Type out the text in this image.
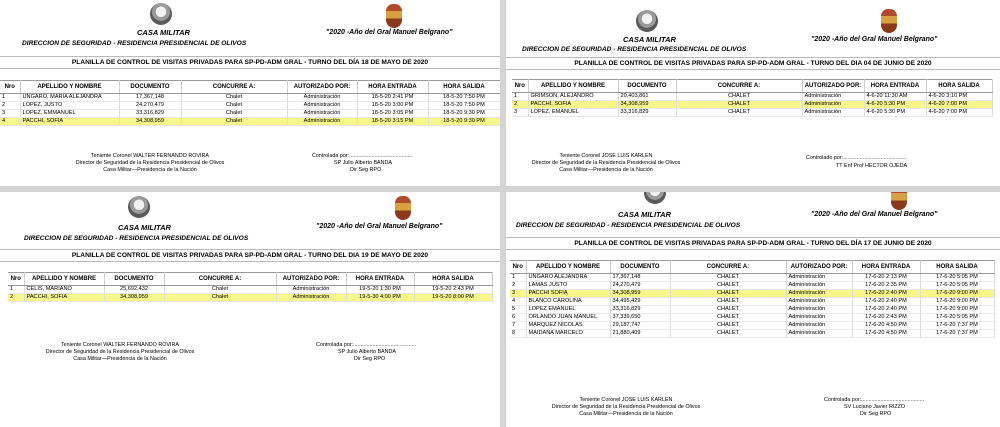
CASA MILITAR
DIRECCION DE SEGURIDAD - RESIDENCIA PRESIDENCIAL DE OLIVOS
"2020 -Año del Gral Manuel Belgrano"
PLANILLA DE CONTROL DE VISITAS PRIVADAS PARA SP-PD-ADM GRAL - TURNO DEL DÍA 18 DE MAYO DE 2020
Nro	APELLIDO Y NOMBRE	DOCUMENTO	CONCURRE A:	AUTORIZADO POR:	HORA ENTRADA	HORA SALIDA
1	UNGARO, MARIA ALEJANDRA	17,367,148	Chalet	Administración	18-5-20 2:41 PM	18-5-20 7:50 PM
2	LOPEZ, JUSTO	24,270,479	Chalet	Administración	18-5-20 3:00 PM	18-5-20 7:50 PM
3	LOPEZ, EMMANUEL	33,316,829	Chalet	Administración	18-5-20 3:05 PM	18-5-20 9:30 PM
4	PACCHI, SOFIA	34,308,959	Chalet	Administración	18-5-20 3:15 PM	18-5-20 9:30 PM
Teniente Coronel WALTER FERNANDO ROVIRA
Director de Seguridad de la Residencia Presidencial de Olivos
Casa Militar—Presidencia de la Nación
Controlada por:..........................................
SP Julio Alberto BANDA
Dir Seg RPO
CASA MILITAR
DIRECCION DE SEGURIDAD - RESIDENCIA PRESIDENCIAL DE OLIVOS
"2020 -Año del Gral Manuel Belgrano"
PLANILLA DE CONTROL DE VISITAS PRIVADAS PARA SP-PD-ADM GRAL - TURNO DEL DIA 04 DE JUNIO DE 2020
Nro	APELLIDO Y NOMBRE	DOCUMENTO	CONCURRE A:	AUTORIZADO POR:	HORA ENTRADA	HORA SALIDA
1	GRIMSON, ALEJANDRO	20,403,861	CHALET	Administración	4-6-20 11:30 AM	4-6-20 3:10 PM
2	PACCHI, SOFIA	34,308,959	CHALET	Administración	4-6-20 5:30 PM	4-6-20 7:00 PM
3	LOPEZ, EMANUEL	33,316,829	CHALET	Administración	4-6-20 5:30 PM	4-6-20 7:00 PM
Teniente Coronel JOSE LUIS KARLEN
Director de Seguridad de la Residencia Presidencial de Olivos
Casa Militar—Presidencia de la Nación
Controlado por:..........................................
TT Enf Prof HECTOR OJEDA
CASA MILITAR
DIRECCION DE SEGURIDAD - RESIDENCIA PRESIDENCIAL DE OLIVOS
"2020 -Año del Gral Manuel Belgrano"
PLANILLA DE CONTROL DE VISITAS PRIVADAS PARA SP-PD-ADM GRAL - TURNO DEL DIA 19 DE MAYO DE 2020
Nro	APELLIDO Y NOMBRE	DOCUMENTO	CONCURRE A:	AUTORIZADO POR:	HORA ENTRADA	HORA SALIDA
1	CELIS, MARIANO	25,692,432	Chalet	Administración	19-5-20 1:30 PM	19-5-20 2:43 PM
2	PACCHI, SOFIA	34,308,959	Chalet	Administración	19-5-30 4:00 PM	19-5-20 8:00 PM
Teniente Coronel WALTER FERNANDO ROVIRA
Director de Seguridad de la Residencia Presidencial de Olivos
Casa Militar—Presidencia de la Nación
Controlada por:..........................................
SP Julio Alberto BANDA
Dir Seg RPO
CASA MILITAR
DIRECCION DE SEGURIDAD - RESIDENCIA PRESIDENCIAL DE OLIVOS
"2020 -Año del Gral Manuel Belgrano"
PLANILLA DE CONTROL DE VISITAS PRIVADAS PARA SP-PD-ADM GRAL - TURNO DEL DÍA 17 DE JUNIO DE 2020
Nro	APELLIDO Y NOMBRE	DOCUMENTO	CONCURRE A:	AUTORIZADO POR:	HORA ENTRADA	HORA SALIDA
1	UNGARO ALEJANDRA	17,367,148	CHALET	Administración	17-6-20 2:13 PM	17-6-20 5:05 PM
2	LAMAS JUSTO	24,270,479	CHALET	Administración	17-6-20 2:35 PM	17-6-20 5:05 PM
3	PACCHI SOFIA	34,308,959	CHALET	Administración	17-6-20 2:40 PM	17-6-20 9:00 PM
4	BLANCO CAROLINA	34,495,429	CHALET	Administración	17-6-20 2:40 PM	17-6-20 9:00 PM
5	LOPEZ EMANUEL	33,316,829	CHALET	Administración	17-6-20 2:40 PM	17-6-20 9:00 PM
6	ORLANDO JUAN MANUEL	37,339,650	CHALET	Administración	17-6-20 2:43 PM	17-6-20 5:05 PM
7	MARQUEZ NICOLAS	29,187,747	CHALET	Administración	17-6-20 4:50 PM	17-6-20 7:37 PM
8	MAIDANA MARCELO	21,880,409	CHALET	Administración	17-6-20 4:50 PM	17-6-20 7:37 PM
Teniente Coronel JOSE LUIS KARLEN
Director de Seguridad de la Residencia Presidencial de Olivos
Casa Militar—Presidencia de la Nación
Controlada por:..........................................
SV Luciano Javier RIZZO
Dir Seg RPO
